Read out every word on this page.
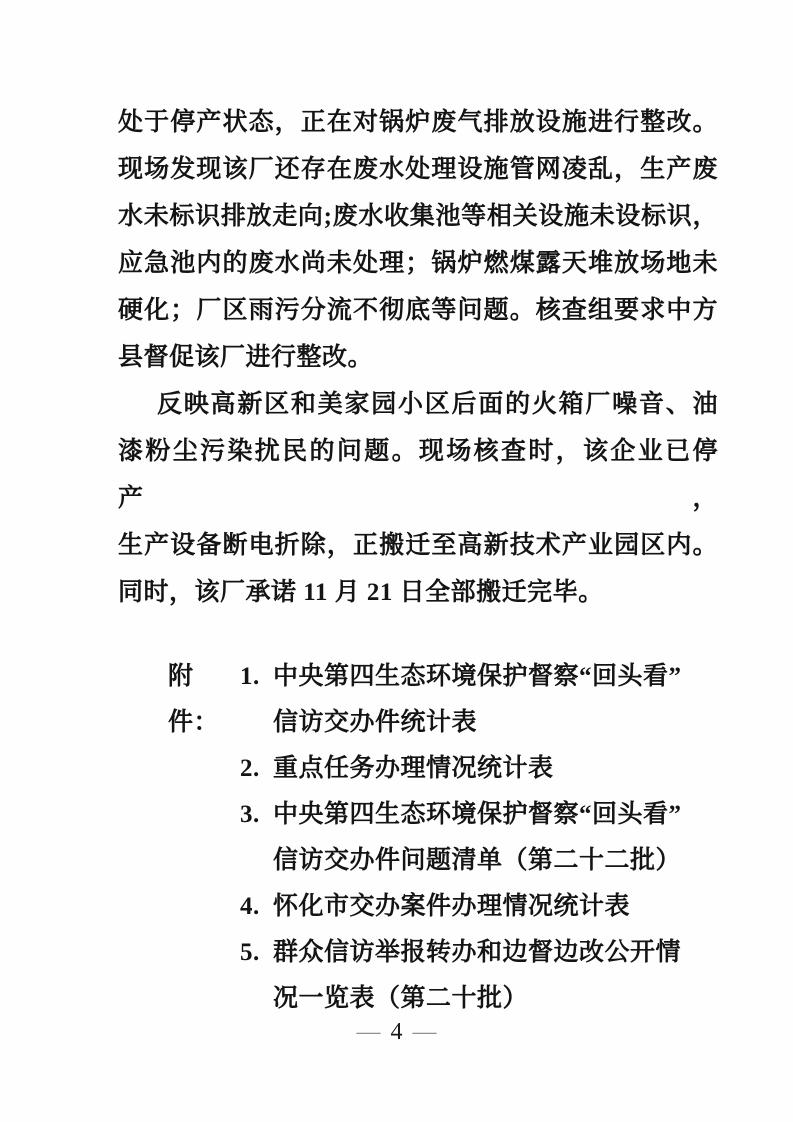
处于停产状态，正在对锅炉废气排放设施进行整改。
现场发现该厂还存在废水处理设施管网凌乱，生产废
水未标识排放走向;废水收集池等相关设施未设标识，
应急池内的废水尚未处理；锅炉燃煤露天堆放场地未
硬化；厂区雨污分流不彻底等问题。核查组要求中方
县督促该厂进行整改。
反映高新区和美家园小区后面的火箱厂噪音、油
漆粉尘污染扰民的问题。现场核查时，该企业已停产，
生产设备断电折除，正搬迁至高新技术产业园区内。
同时，该厂承诺 11 月 21 日全部搬迁完毕。
附件：
1. 中央第四生态环境保护督察“回头看”
信访交办件统计表
2. 重点任务办理情况统计表
3. 中央第四生态环境保护督察“回头看”
信访交办件问题清单（第二十二批）
4. 怀化市交办案件办理情况统计表
5. 群众信访举报转办和边督边改公开情
况一览表（第二十批）
— 4 —
